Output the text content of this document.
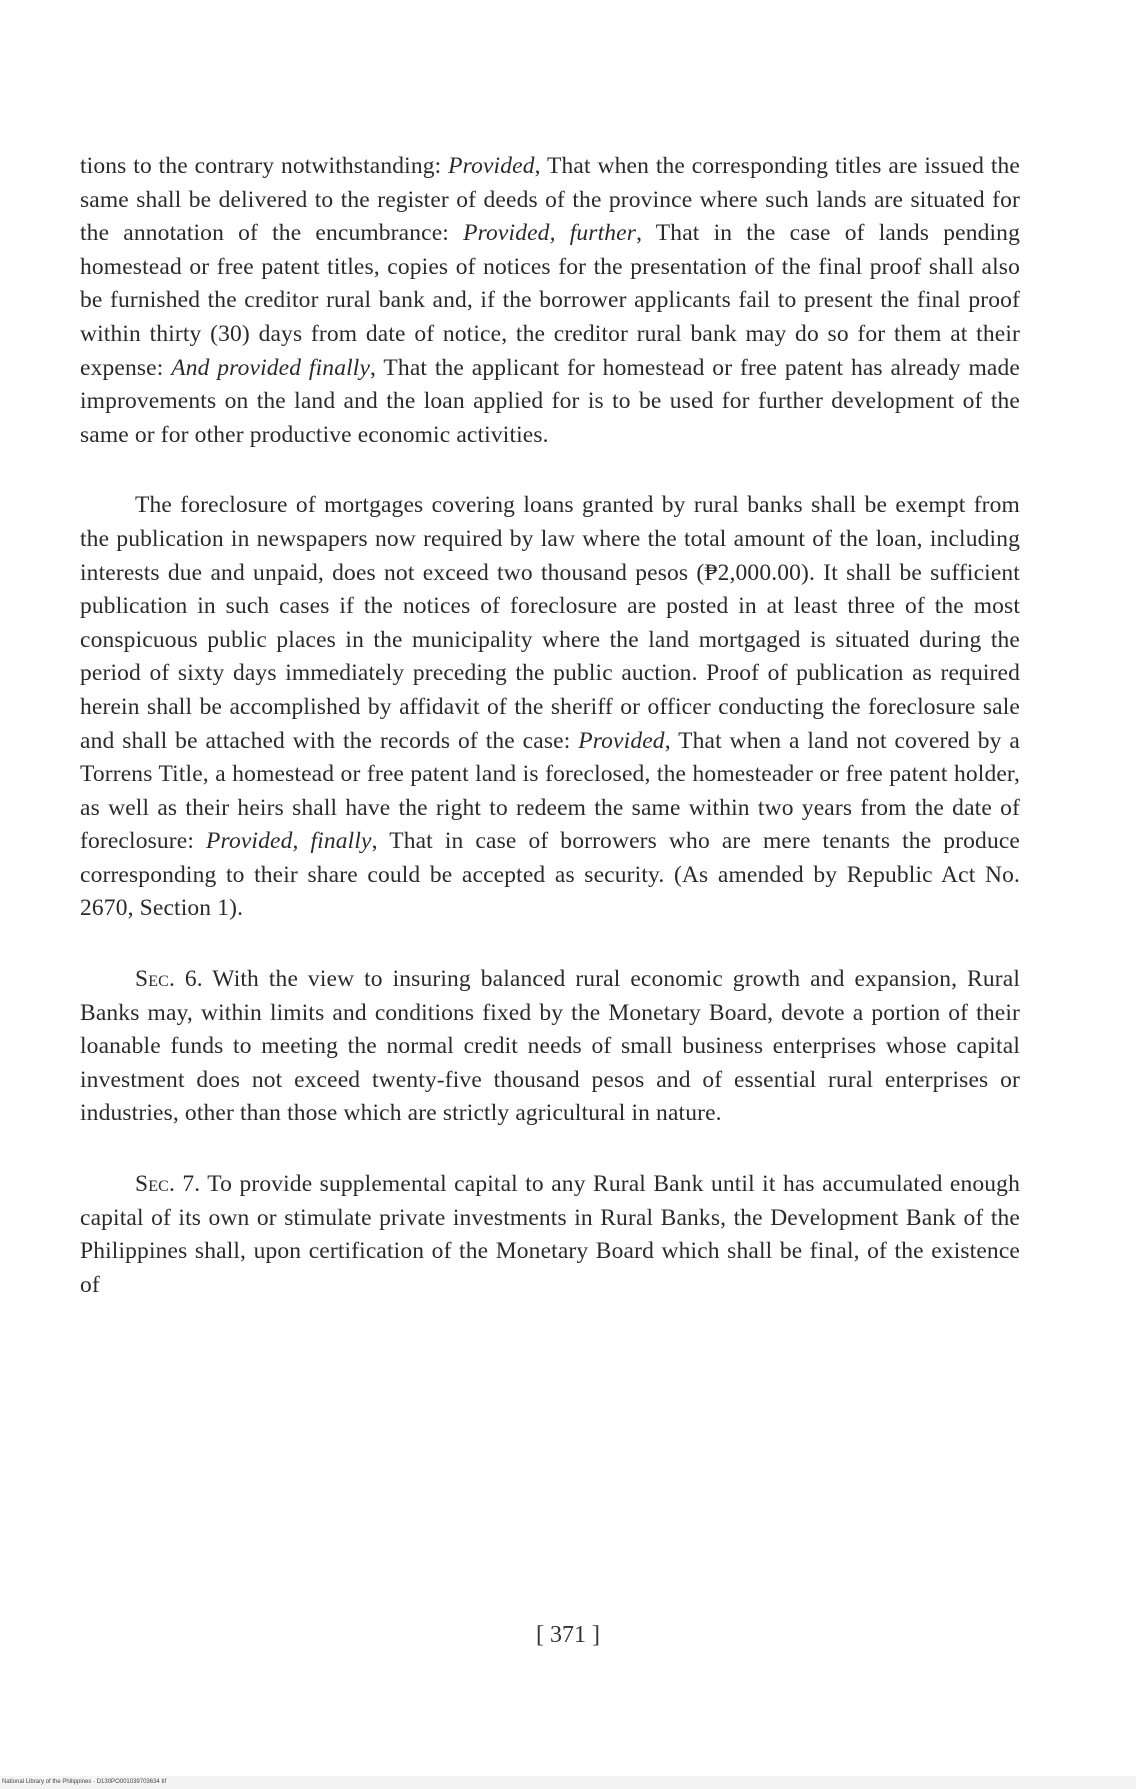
tions to the contrary notwithstanding: Provided, That when the corresponding titles are issued the same shall be delivered to the register of deeds of the province where such lands are situated for the annotation of the encumbrance: Provided, further, That in the case of lands pending homestead or free patent titles, copies of notices for the presentation of the final proof shall also be furnished the creditor rural bank and, if the borrower applicants fail to present the final proof within thirty (30) days from date of notice, the creditor rural bank may do so for them at their expense: And provided finally, That the applicant for homestead or free patent has already made improvements on the land and the loan applied for is to be used for further development of the same or for other productive economic activities.

The foreclosure of mortgages covering loans granted by rural banks shall be exempt from the publication in newspapers now required by law where the total amount of the loan, including interests due and unpaid, does not exceed two thousand pesos (₱2,000.00). It shall be sufficient publication in such cases if the notices of foreclosure are posted in at least three of the most conspicuous public places in the municipality where the land mortgaged is situated during the period of sixty days immediately preceding the public auction. Proof of publication as required herein shall be accomplished by affidavit of the sheriff or officer conducting the foreclosure sale and shall be attached with the records of the case: Provided, That when a land not covered by a Torrens Title, a homestead or free patent land is foreclosed, the homesteader or free patent holder, as well as their heirs shall have the right to redeem the same within two years from the date of foreclosure: Provided, finally, That in case of borrowers who are mere tenants the produce corresponding to their share could be accepted as security. (As amended by Republic Act No. 2670, Section 1).

Sec. 6. With the view to insuring balanced rural economic growth and expansion, Rural Banks may, within limits and conditions fixed by the Monetary Board, devote a portion of their loanable funds to meeting the normal credit needs of small business enterprises whose capital investment does not exceed twenty-five thousand pesos and of essential rural enterprises or industries, other than those which are strictly agricultural in nature.

Sec. 7. To provide supplemental capital to any Rural Bank until it has accumulated enough capital of its own or stimulate private investments in Rural Banks, the Development Bank of the Philippines shall, upon certification of the Monetary Board which shall be final, of the existence of

[ 371 ]
National Library of the Philippines · D130PO001039703634 tif
